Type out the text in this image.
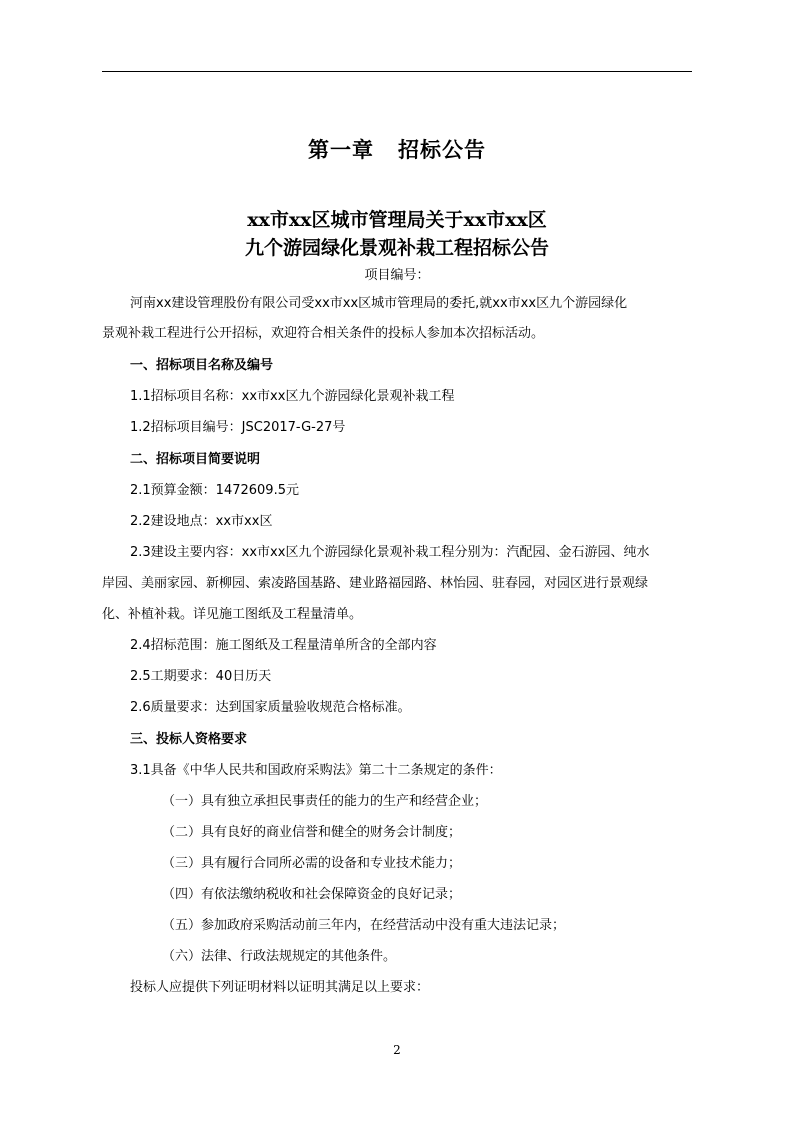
第一章 招标公告
xx市xx区城市管理局关于xx市xx区
九个游园绿化景观补栽工程招标公告
项目编号：
河南xx建设管理股份有限公司受xx市xx区城市管理局的委托,就xx市xx区九个游园绿化
景观补栽工程进行公开招标，欢迎符合相关条件的投标人参加本次招标活动。
一、招标项目名称及编号
1.1招标项目名称：xx市xx区九个游园绿化景观补栽工程
1.2招标项目编号：JSC2017-G-27号
二、招标项目简要说明
2.1预算金额：1472609.5元
2.2建设地点：xx市xx区
2.3建设主要内容：xx市xx区九个游园绿化景观补栽工程分别为：汽配园、金石游园、纯水
岸园、美丽家园、新柳园、索凌路国基路、建业路福园路、林怡园、驻春园，对园区进行景观绿
化、补植补栽。详见施工图纸及工程量清单。
2.4招标范围：施工图纸及工程量清单所含的全部内容
2.5工期要求：40日历天
2.6质量要求：达到国家质量验收规范合格标准。
三、投标人资格要求
3.1具备《中华人民共和国政府采购法》第二十二条规定的条件：
（一）具有独立承担民事责任的能力的生产和经营企业；
（二）具有良好的商业信誉和健全的财务会计制度；
（三）具有履行合同所必需的设备和专业技术能力；
（四）有依法缴纳税收和社会保障资金的良好记录；
（五）参加政府采购活动前三年内，在经营活动中没有重大违法记录；
（六）法律、行政法规规定的其他条件。
投标人应提供下列证明材料以证明其满足以上要求：
2
